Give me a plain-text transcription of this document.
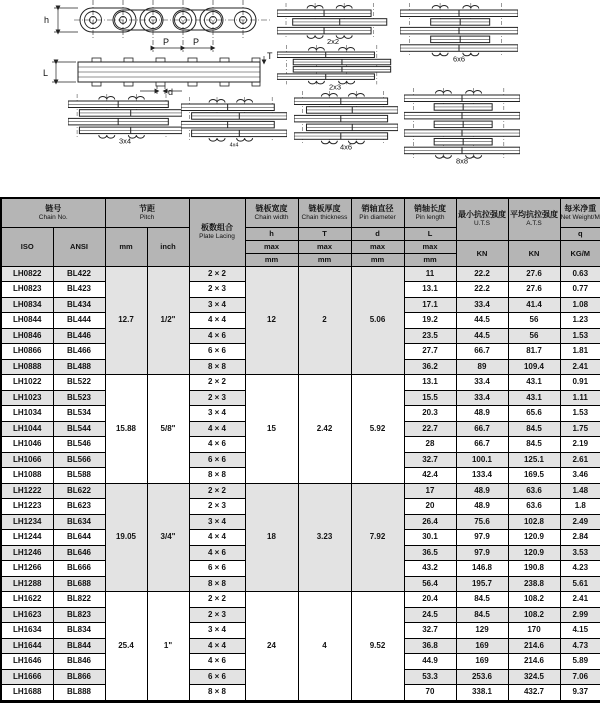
h
P	P
L
T
d
2x2
2x3
6x6
3x4	4x4	4x6
8x8
链号
Chain No.

节距
Pitch

板数组合
Plate Lacing

链板宽度
Chain width

链板厚度
Chain thickness

销轴直径
Pin diameter

销轴长度
Pin length	最小抗拉强度
U.T.S

平均抗拉强度
A.T.S

每米净重
Net Weight/M

ISO	ANSI	mm	inch		h	T	d	L			q
					max	max	max	max	KN	KN	KG/M
					mm	mm	mm	mm			
LH0822	BL422	12.7	1/2"	2 × 2	12	2	5.06	11	22.2	27.6	0.63
LH0823	BL423			2 × 3				13.1	22.2	27.6	0.77
LH0834	BL434			3 × 4				17.1	33.4	41.4	1.08
LH0844	BL444			4 × 4				19.2	44.5	56	1.23
LH0846	BL446			4 × 6				23.5	44.5	56	1.53
LH0866	BL466			6 × 6				27.7	66.7	81.7	1.81
LH0888	BL488			8 × 8				36.2	89	109.4	2.41
LH1022	BL522	15.88	5/8"	2 × 2	15	2.42	5.92	13.1	33.4	43.1	0.91
LH1023	BL523			2 × 3				15.5	33.4	43.1	1.11
LH1034	BL534			3 × 4				20.3	48.9	65.6	1.53
LH1044	BL544			4 × 4				22.7	66.7	84.5	1.75
LH1046	BL546			4 × 6				28	66.7	84.5	2.19
LH1066	BL566			6 × 6				32.7	100.1	125.1	2.61
LH1088	BL588			8 × 8				42.4	133.4	169.5	3.46
LH1222	BL622	19.05	3/4"	2 × 2	18	3.23	7.92	17	48.9	63.6	1.48
LH1223	BL623			2 × 3				20	48.9	63.6	1.8
LH1234	BL634			3 × 4				26.4	75.6	102.8	2.49
LH1244	BL644			4 × 4				30.1	97.9	120.9	2.84
LH1246	BL646			4 × 6				36.5	97.9	120.9	3.53
LH1266	BL666			6 × 6				43.2	146.8	190.8	4.23
LH1288	BL688			8 × 8				56.4	195.7	238.8	5.61
LH1622	BL822	25.4	1"	2 × 2	24	4	9.52	20.4	84.5	108.2	2.41
LH1623	BL823			2 × 3				24.5	84.5	108.2	2.99
LH1634	BL834			3 × 4				32.7	129	170	4.15
LH1644	BL844			4 × 4				36.8	169	214.6	4.73
LH1646	BL846			4 × 6				44.9	169	214.6	5.89
LH1666	BL866			6 × 6				53.3	253.6	324.5	7.06
LH1688	BL888			8 × 8				70	338.1	432.7	9.37
